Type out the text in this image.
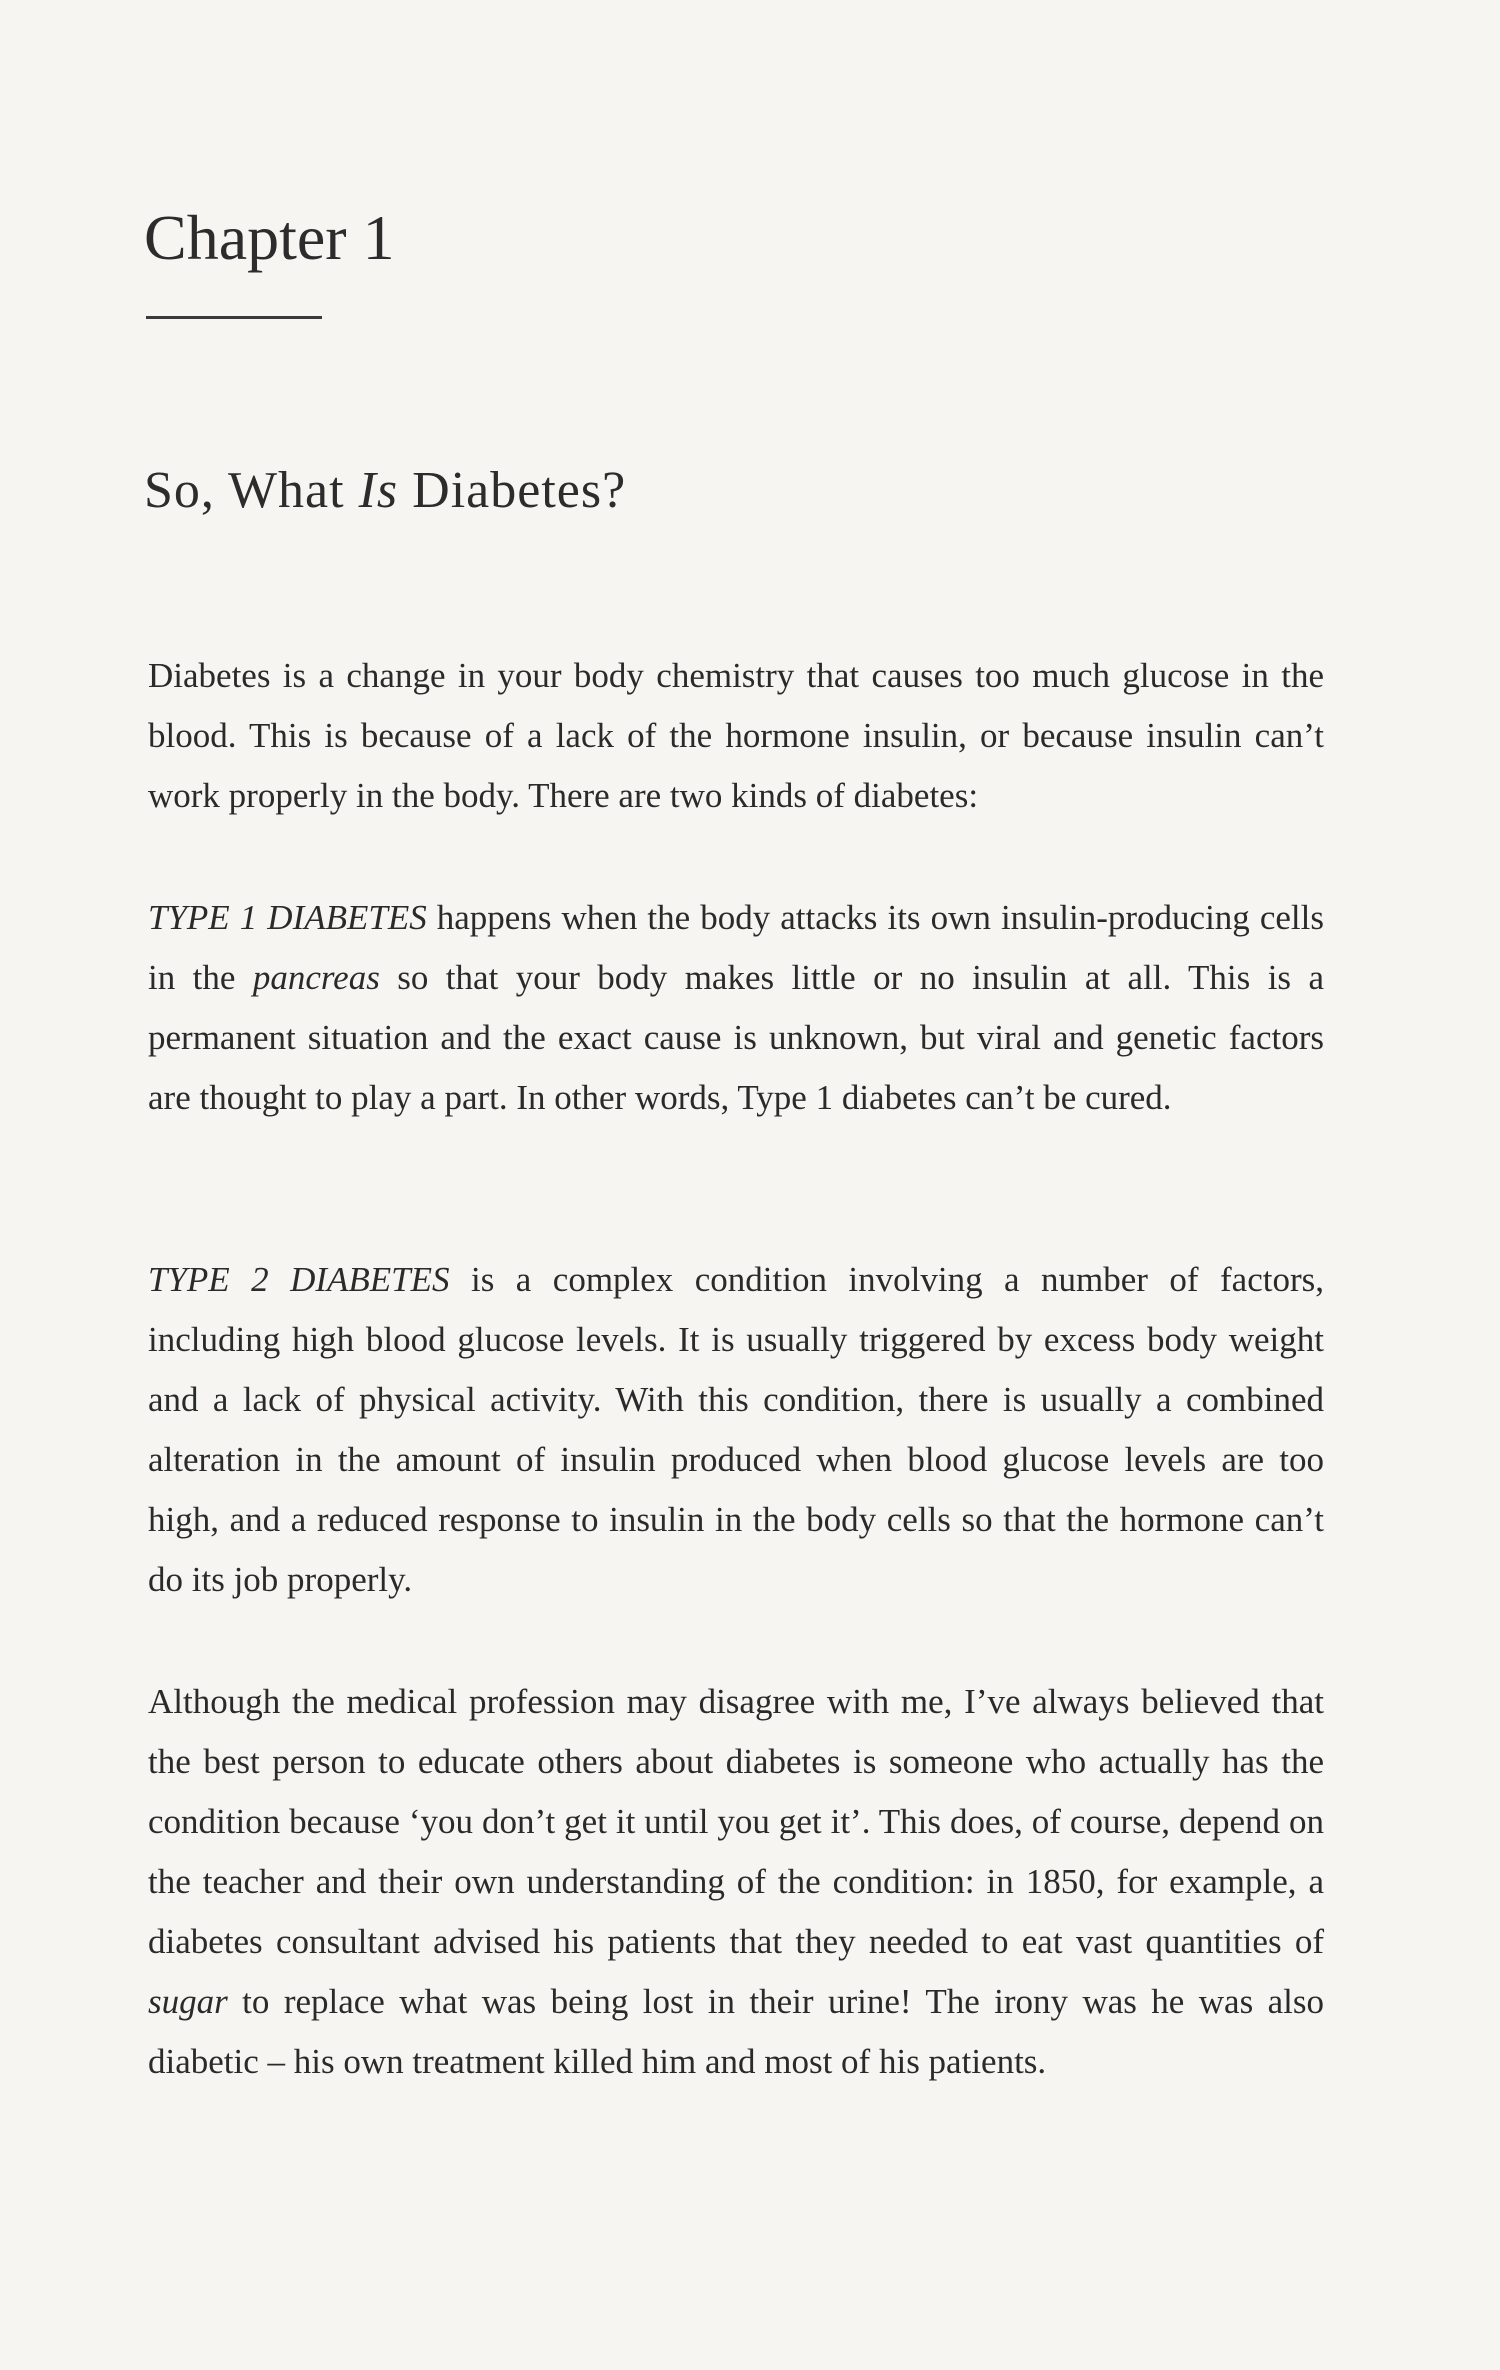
Chapter 1
So, What Is Diabetes?

Diabetes is a change in your body chemistry that causes too much glucose in the blood. This is because of a lack of the hormone insulin, or because insulin can’t work properly in the body. There are two kinds of diabetes:

TYPE 1 DIABETES happens when the body attacks its own insulin-producing cells in the pancreas so that your body makes little or no insulin at all. This is a permanent situation and the exact cause is unknown, but viral and genetic factors are thought to play a part. In other words, Type 1 diabetes can’t be cured.

TYPE 2 DIABETES is a complex condition involving a number of factors, including high blood glucose levels. It is usually triggered by excess body weight and a lack of physical activity. With this condition, there is usually a combined alteration in the amount of insulin produced when blood glucose levels are too high, and a reduced response to insulin in the body cells so that the hormone can’t do its job properly.

Although the medical profession may disagree with me, I’ve always believed that the best person to educate others about diabetes is someone who actually has the condition because ‘you don’t get it until you get it’. This does, of course, depend on the teacher and their own understanding of the condition: in 1850, for example, a diabetes consultant advised his patients that they needed to eat vast quantities of sugar to replace what was being lost in their urine! The irony was he was also diabetic – his own treatment killed him and most of his patients.
